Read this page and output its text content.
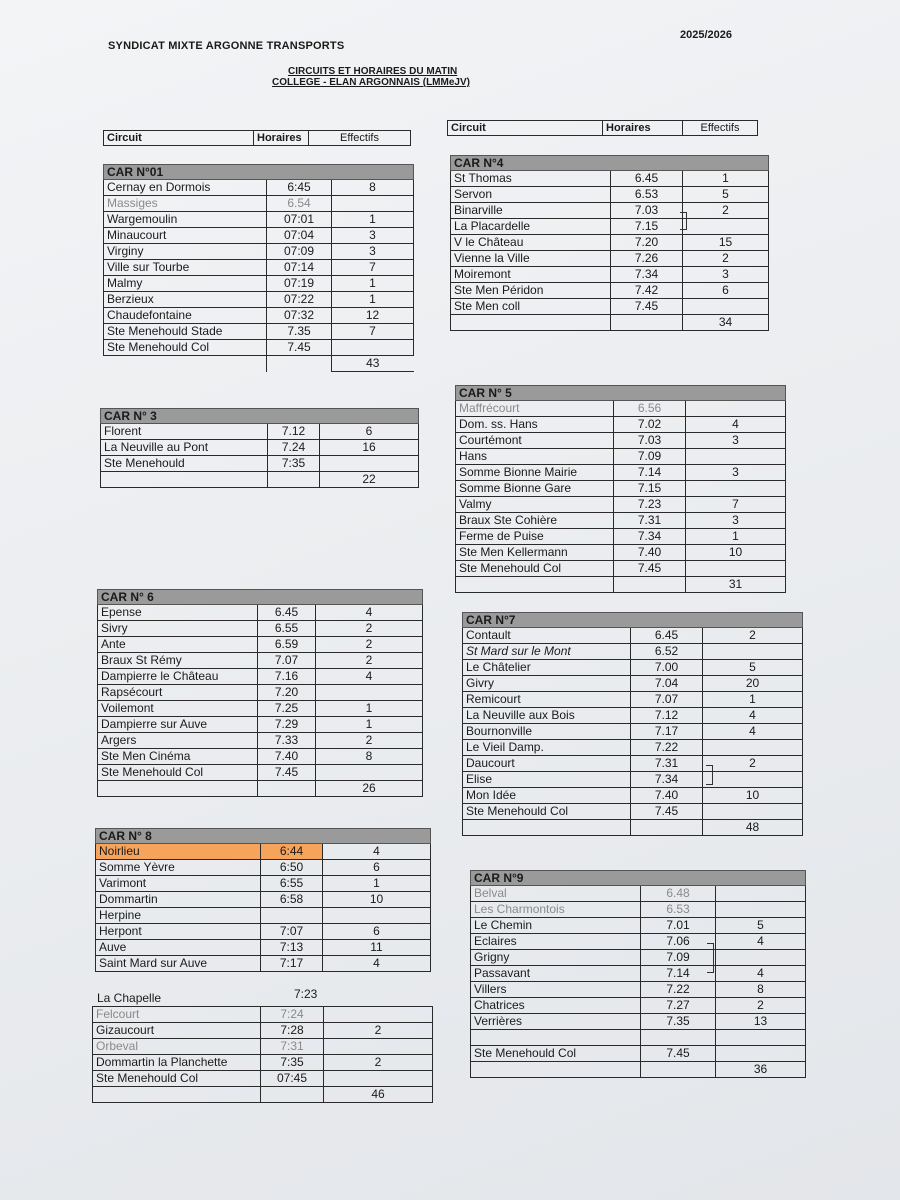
SYNDICAT MIXTE ARGONNE TRANSPORTS
2025/2026
CIRCUITS ET HORAIRES DU MATIN
COLLEGE - ELAN ARGONNAIS (LMMeJV)
Circuit	Horaires	Effectifs
Circuit	Horaires	Effectifs
CAR N°01		
Cernay en Dormois	6:45	8
Massiges	6.54	
Wargemoulin	07:01	1
Minaucourt	07:04	3
Virginy	07:09	3
Ville sur Tourbe	07:14	7
Malmy	07:19	1
Berzieux	07:22	1
Chaudefontaine	07:32	12
Ste Menehould Stade	7.35	7
Ste Menehould Col	7.45	
		43
CAR N°4		
St Thomas	6.45	1
Servon	6.53	5
Binarville	7.03	2
La Placardelle	7.15	
V le Château	7.20	15
Vienne la Ville	7.26	2
Moiremont	7.34	3
Ste Men Péridon	7.42	6
Ste Men coll	7.45	
		34
CAR N° 3		
Florent	7.12	6
La Neuville au Pont	7.24	16
Ste Menehould	7:35	
		22
CAR N° 5		
Maffrécourt	6.56	
Dom. ss. Hans	7.02	4
Courtémont	7.03	3
Hans	7.09	
Somme Bionne Mairie	7.14	3
Somme Bionne Gare	7.15	
Valmy	7.23	7
Braux Ste Cohière	7.31	3
Ferme de Puise	7.34	1
Ste Men Kellermann	7.40	10
Ste Menehould Col	7.45	
		31
CAR N° 6		
Epense	6.45	4
Sivry	6.55	2
Ante	6.59	2
Braux St Rémy	7.07	2
Dampierre le Château	7.16	4
Rapsécourt	7.20	
Voilemont	7.25	1
Dampierre sur Auve	7.29	1
Argers	7.33	2
Ste Men Cinéma	7.40	8
Ste Menehould Col	7.45	
		26
CAR N°7		
Contault	6.45	2
St Mard sur le Mont	6.52	
Le Châtelier	7.00	5
Givry	7.04	20
Remicourt	7.07	1
La Neuville aux Bois	7.12	4
Bournonville	7.17	4
Le Vieil Damp.	7.22	
Daucourt	7.31	2
Elise	7.34	
Mon Idée	7.40	10
Ste Menehould Col	7.45	
		48
CAR N° 8		
Noirlieu	6:44	4
Somme Yèvre	6:50	6
Varimont	6:55	1
Dommartin	6:58	10
Herpine		
Herpont	7:07	6
Auve	7:13	11
Saint Mard sur Auve	7:17	4
La Chapelle	7:23
Felcourt	7:24	
Gizaucourt	7:28	2
Orbeval	7:31	
Dommartin la Planchette	7:35	2
Ste Menehould Col	07:45	
		46
CAR N°9		
Belval	6.48	
Les Charmontois	6.53	
Le Chemin	7.01	5
Eclaires	7.06	4
Grigny	7.09	
Passavant	7.14	4
Villers	7.22	8
Chatrices	7.27	2
Verrières	7.35	13

Ste Menehould Col	7.45	
		36
